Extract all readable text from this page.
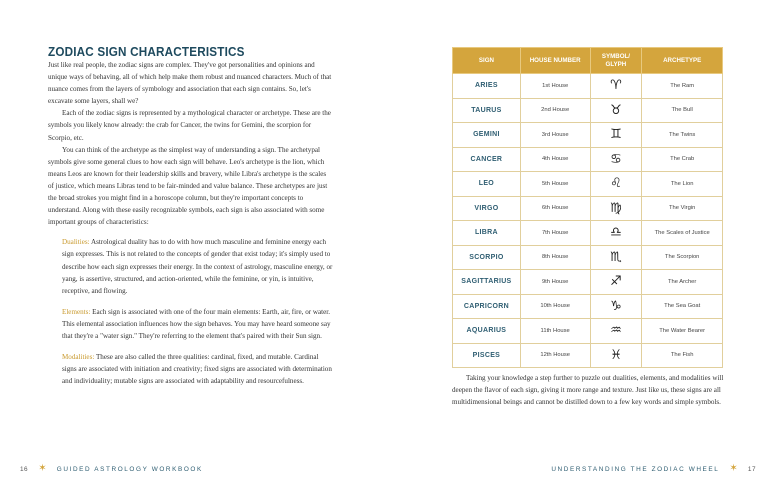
ZODIAC SIGN CHARACTERISTICS

Just like real people, the zodiac signs are complex. They've got personalities and opinions and unique ways of behaving, all of which help make them robust and nuanced characters. Much of that nuance comes from the layers of symbology and association that each sign contains. So, let's excavate some layers, shall we?

Each of the zodiac signs is represented by a mythological character or archetype. These are the symbols you likely know already: the crab for Cancer, the twins for Gemini, the scorpion for Scorpio, etc.

You can think of the archetype as the simplest way of understanding a sign. The archetypal symbols give some general clues to how each sign will behave. Leo's archetype is the lion, which means Leos are known for their leadership skills and bravery, while Libra's archetype is the scales of justice, which means Libras tend to be fair-minded and value balance. These archetypes are just the broad strokes you might find in a horoscope column, but they're important concepts to understand. Along with these easily recognizable symbols, each sign is also associated with some important groups of characteristics:

Dualities: Astrological duality has to do with how much masculine and feminine energy each sign expresses. This is not related to the concepts of gender that exist today; it's simply used to describe how each sign expresses their energy. In the context of astrology, masculine energy, or yang, is assertive, structured, and action-oriented, while the feminine, or yin, is intuitive, receptive, and flowing.

Elements: Each sign is associated with one of the four main elements: Earth, air, fire, or water. This elemental association influences how the sign behaves. You may have heard someone say that they're a "water sign." They're referring to the element that's paired with their Sun sign.

Modalities: These are also called the three qualities: cardinal, fixed, and mutable. Cardinal signs are associated with initiation and creativity; fixed signs are associated with determination and individuality; mutable signs are associated with adaptability and resourcefulness.

SIGN	HOUSE NUMBER	SYMBOL/ GLYPH	ARCHETYPE
ARIES	1st House	♈︎	The Ram
TAURUS	2nd House	♉︎	The Bull
GEMINI	3rd House	♊︎	The Twins
CANCER	4th House	♋︎	The Crab
LEO	5th House	♌︎	The Lion
VIRGO	6th House	♍︎	The Virgin
LIBRA	7th House	♎︎	The Scales of Justice
SCORPIO	8th House	♏︎	The Scorpion
SAGITTARIUS	9th House	♐︎	The Archer
CAPRICORN	10th House	♑︎	The Sea Goat
AQUARIUS	11th House	♒︎	The Water Bearer
PISCES	12th House	♓︎	The Fish

Taking your knowledge a step further to puzzle out dualities, elements, and modalities will deepen the flavor of each sign, giving it more range and texture. Just like us, these signs are all multidimensional beings and cannot be distilled down to a few key words and simple symbols.

16 ✶ GUIDED ASTROLOGY WORKBOOK	UNDERSTANDING THE ZODIAC WHEEL ✶ 17
